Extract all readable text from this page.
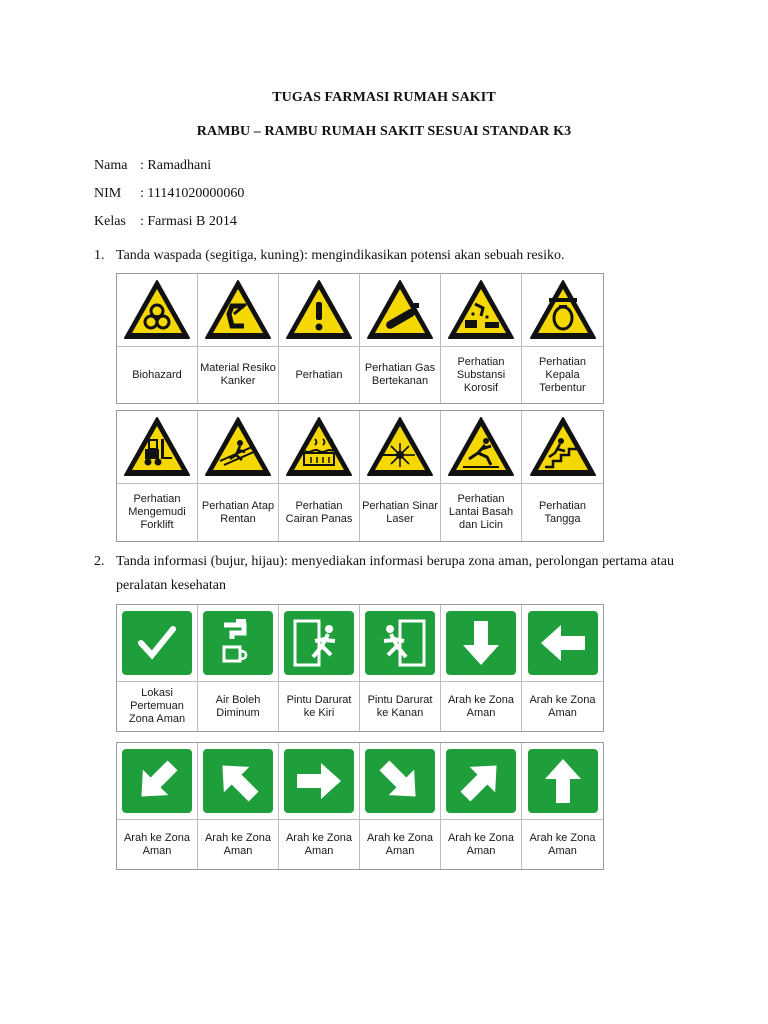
TUGAS FARMASI RUMAH SAKIT
RAMBU – RAMBU RUMAH SAKIT SESUAI STANDAR K3
Nama : Ramadhani
NIM : 11141020000060
Kelas : Farmasi B 2014
1. Tanda waspada (segitiga, kuning): mengindikasikan potensi akan sebuah resiko.
Biohazard
Material Resiko Kanker
Perhatian
Perhatian Gas Bertekanan
Perhatian Substansi Korosif
Perhatian Kepala Terbentur
Perhatian Mengemudi Forklift
Perhatian Atap Rentan
Perhatian Cairan Panas
Perhatian Sinar Laser
Perhatian Lantai Basah dan Licin
Perhatian Tangga
2. Tanda informasi (bujur, hijau): menyediakan informasi berupa zona aman, perolongan pertama atau peralatan kesehatan
Lokasi Pertemuan Zona Aman
Air Boleh Diminum
Pintu Darurat ke Kiri
Pintu Darurat ke Kanan
Arah ke Zona Aman
Arah ke Zona Aman
Arah ke Zona Aman
Arah ke Zona Aman
Arah ke Zona Aman
Arah ke Zona Aman
Arah ke Zona Aman
Arah ke Zona Aman
